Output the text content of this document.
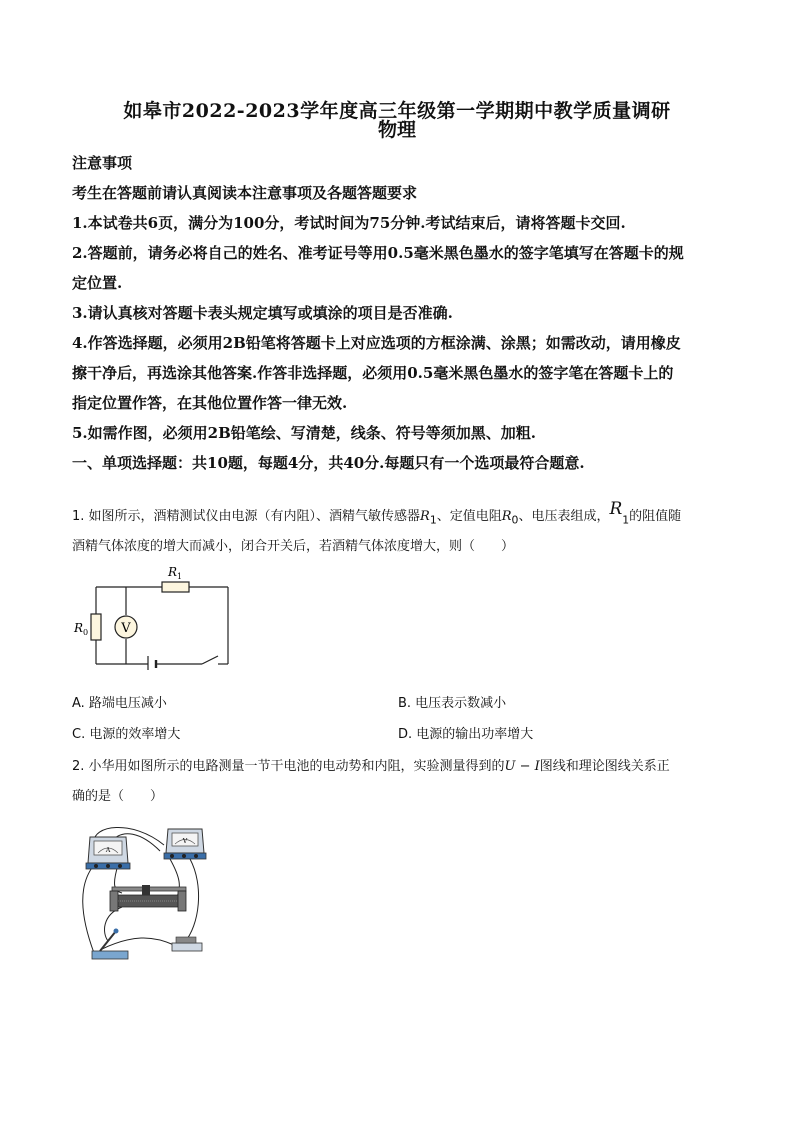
如皋市2022-2023学年度高三年级第一学期期中教学质量调研
物理

注意事项

考生在答题前请认真阅读本注意事项及各题答题要求

1.本试卷共6页，满分为100分，考试时间为75分钟.考试结束后，请将答题卡交回.

2.答题前，请务必将自己的姓名、准考证号等用0.5毫米黑色墨水的签字笔填写在答题卡的规

定位置.

3.请认真核对答题卡表头规定填写或填涂的项目是否准确.

4.作答选择题，必须用2B铅笔将答题卡上对应选项的方框涂满、涂黑；如需改动，请用橡皮

擦干净后，再选涂其他答案.作答非选择题，必须用0.5毫米黑色墨水的签字笔在答题卡上的

指定位置作答，在其他位置作答一律无效.

5.如需作图，必须用2B铅笔绘、写清楚，线条、符号等须加黑、加粗.

一、单项选择题：共10题，每题4分，共40分.每题只有一个选项最符合题意.

1. 如图所示，酒精测试仪由电源（有内阻）、酒精气敏传感器$R_1$、定值电阻$R_0$、电压表组成，$R_1$的阻值随

酒精气体浓度的增大而减小，闭合开关后，若酒精气体浓度增大，则（　　）

V
$R_1$
$R_0$
A. 路端电压减小	B. 电压表示数减小
C. 电源的效率增大	D. 电源的输出功率增大

2. 小华用如图所示的电路测量一节干电池的电动势和内阻，实验测量得到的U − I图线和理论图线关系正

确的是（　　）

A
V
